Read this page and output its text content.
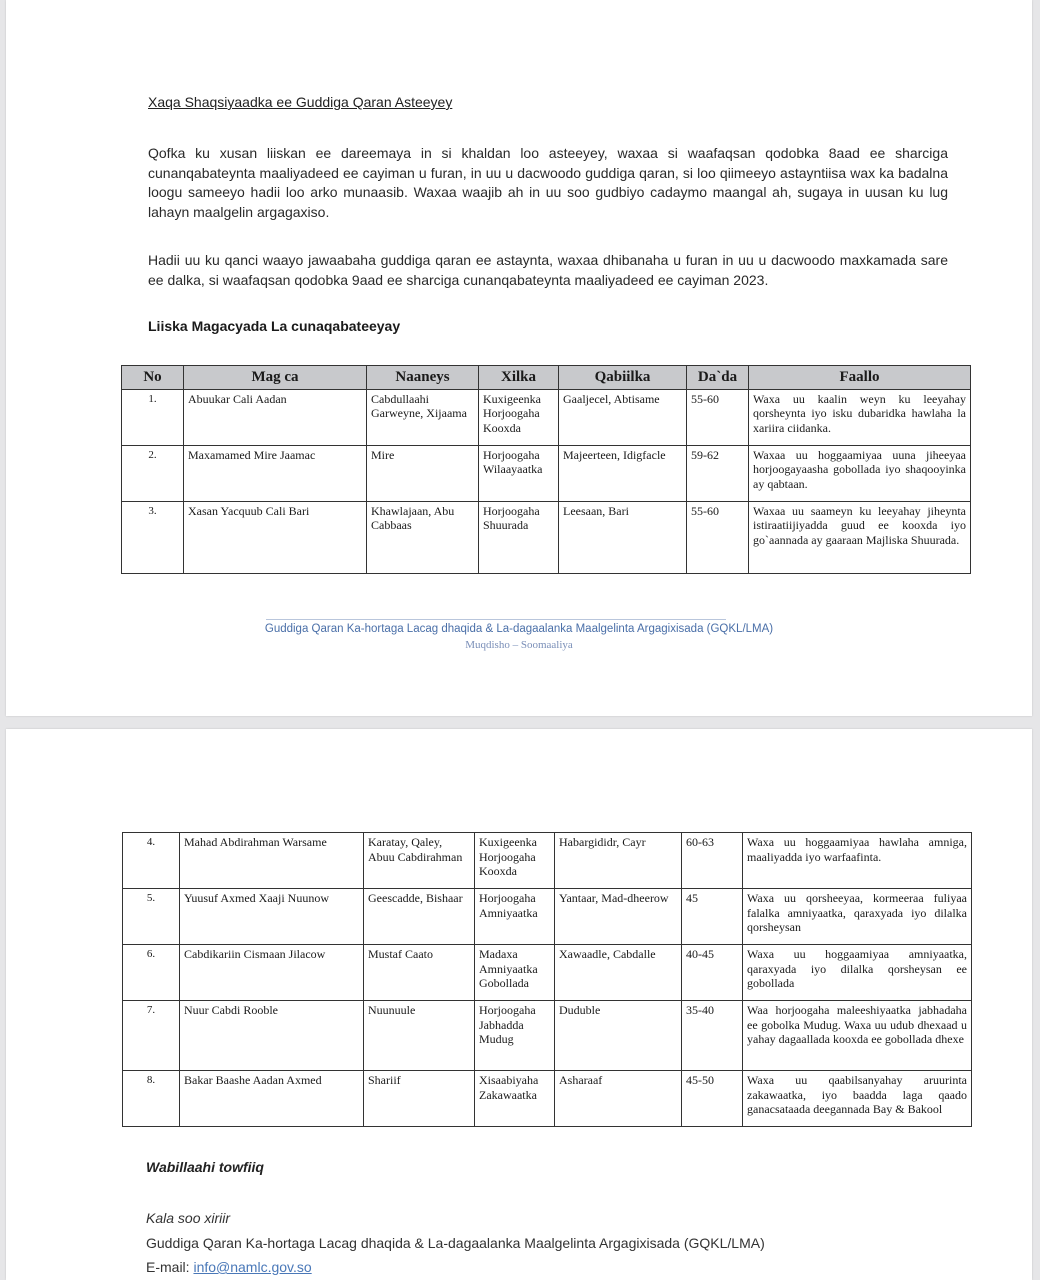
Xaqa Shaqsiyaadka ee Guddiga Qaran Asteeyey

Qofka ku xusan liiskan ee dareemaya in si khaldan loo asteeyey, waxaa si waafaqsan qodobka 8aad ee sharciga cunanqabateynta maaliyadeed ee cayiman u furan, in uu u dacwoodo guddiga qaran, si loo qiimeeyo astayntiisa wax ka badalna loogu sameeyo hadii loo arko munaasib. Waxaa waajib ah in uu soo gudbiyo cadaymo maangal ah, sugaya in uusan ku lug lahayn maalgelin argagaxiso.

Hadii uu ku qanci waayo jawaabaha guddiga qaran ee astaynta, waxaa dhibanaha u furan in uu u dacwoodo maxkamada sare ee dalka, si waafaqsan qodobka 9aad ee sharciga cunanqabateynta maaliyadeed ee cayiman 2023.

Liiska Magacyada La cunaqabateeyay

No	Mag ca	Naaneys	Xilka	Qabiilka	Da`da	Faallo
1.	Abuukar Cali Aadan	Cabdullaahi Garweyne, Xijaama	Kuxigeenka Horjoogaha Kooxda	Gaaljecel, Abtisame	55-60	Waxa uu kaalin weyn ku leeyahay qorsheynta iyo isku dubaridka hawlaha la xariira ciidanka.
2.	Maxamamed Mire Jaamac	Mire	Horjoogaha Wilaayaatka	Majeerteen, Idigfacle	59-62	Waxaa uu hoggaamiyaa uuna jiheeyaa horjoogayaasha gobollada iyo shaqooyinka ay qabtaan.
3.	Xasan Yacquub Cali Bari	Khawlajaan, Abu Cabbaas	Horjoogaha Shuurada	Leesaan, Bari	55-60	Waxaa uu saameyn ku leeyahay jiheynta istiraatiijiyadda guud ee kooxda iyo go`aannada ay gaaraan Majliska Shuurada.

Guddiga Qaran Ka-hortaga Lacag dhaqida & La-dagaalanka Maalgelinta Argagixisada (GQKL/LMA)

Muqdisho – Soomaaliya

4.	Mahad Abdirahman Warsame	Karatay, Qaley, Abuu Cabdirahman	Kuxigeenka Horjoogaha Kooxda	Habargididr, Cayr	60-63	Waxa uu hoggaamiyaa hawlaha amniga, maaliyadda iyo warfaafinta.
5.	Yuusuf Axmed Xaaji Nuunow	Geescadde, Bishaar	Horjoogaha Amniyaatka	Yantaar, Mad-dheerow	45	Waxa uu qorsheeyaa, kormeeraa fuliyaa falalka amniyaatka, qaraxyada iyo dilalka qorsheysan
6.	Cabdikariin Cismaan Jilacow	Mustaf Caato	Madaxa Amniyaatka Gobollada	Xawaadle, Cabdalle	40-45	Waxa uu hoggaamiyaa amniyaatka, qaraxyada iyo dilalka qorsheysan ee gobollada
7.	Nuur Cabdi Rooble	Nuunuule	Horjoogaha Jabhadda Mudug	Duduble	35-40	Waa horjoogaha maleeshiyaatka jabhadaha ee gobolka Mudug. Waxa uu udub dhexaad u yahay dagaallada kooxda ee gobollada dhexe
8.	Bakar Baashe Aadan Axmed	Shariif	Xisaabiyaha Zakawaatka	Asharaaf	45-50	Waxa uu qaabilsanyahay aruurinta zakawaatka, iyo baadda laga qaado ganacsataada deegannada Bay & Bakool

Wabillaahi towfiiq

Kala soo xiriir

Guddiga Qaran Ka-hortaga Lacag dhaqida & La-dagaalanka Maalgelinta Argagixisada (GQKL/LMA)

E-mail: info@namlc.gov.so
